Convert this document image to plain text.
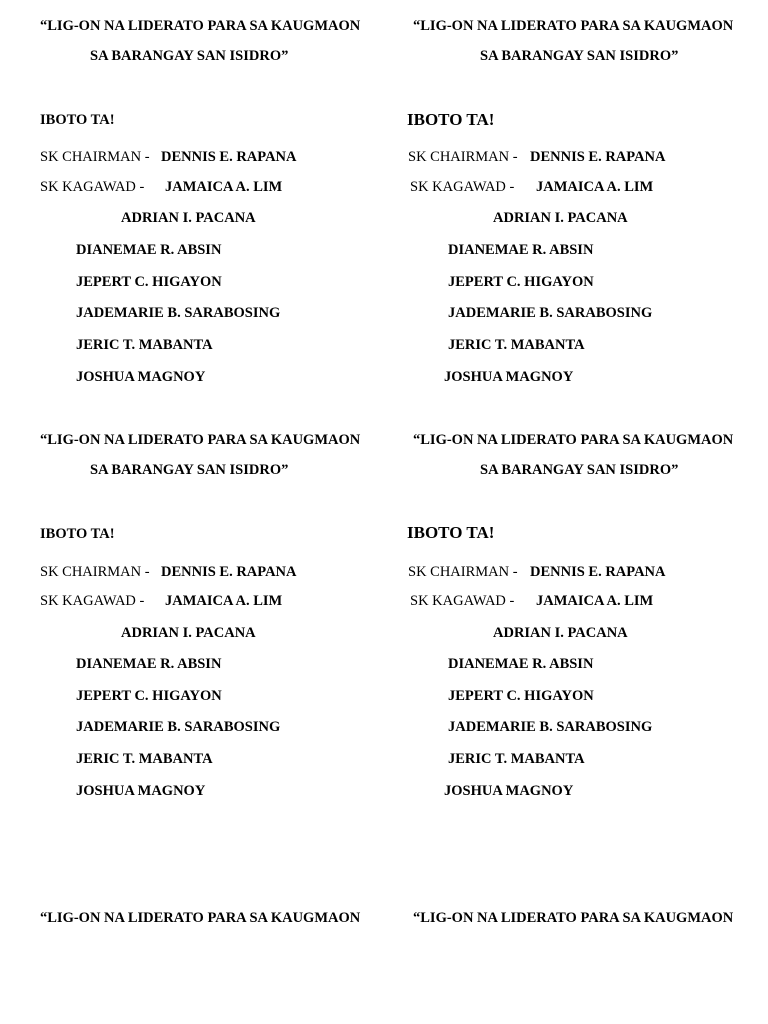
“LIG-ON NA LIDERATO PARA SA KAUGMAON
SA BARANGAY SAN ISIDRO”
IBOTO TA!
SK CHAIRMAN - DENNIS E. RAPANA
SK KAGAWAD - JAMAICA A. LIM
ADRIAN I. PACANA
DIANEMAE R. ABSIN
JEPERT C. HIGAYON
JADEMARIE B. SARABOSING
JERIC T. MABANTA
JOSHUA MAGNOY
“LIG-ON NA LIDERATO PARA SA KAUGMAON
SA BARANGAY SAN ISIDRO”
IBOTO TA!
SK CHAIRMAN - DENNIS E. RAPANA
SK KAGAWAD - JAMAICA A. LIM
ADRIAN I. PACANA
DIANEMAE R. ABSIN
JEPERT C. HIGAYON
JADEMARIE B. SARABOSING
JERIC T. MABANTA
JOSHUA MAGNOY
“LIG-ON NA LIDERATO PARA SA KAUGMAON
SA BARANGAY SAN ISIDRO”
IBOTO TA!
SK CHAIRMAN - DENNIS E. RAPANA
SK KAGAWAD - JAMAICA A. LIM
ADRIAN I. PACANA
DIANEMAE R. ABSIN
JEPERT C. HIGAYON
JADEMARIE B. SARABOSING
JERIC T. MABANTA
JOSHUA MAGNOY
“LIG-ON NA LIDERATO PARA SA KAUGMAON
SA BARANGAY SAN ISIDRO”
IBOTO TA!
SK CHAIRMAN - DENNIS E. RAPANA
SK KAGAWAD - JAMAICA A. LIM
ADRIAN I. PACANA
DIANEMAE R. ABSIN
JEPERT C. HIGAYON
JADEMARIE B. SARABOSING
JERIC T. MABANTA
JOSHUA MAGNOY
“LIG-ON NA LIDERATO PARA SA KAUGMAON	“LIG-ON NA LIDERATO PARA SA KAUGMAON
